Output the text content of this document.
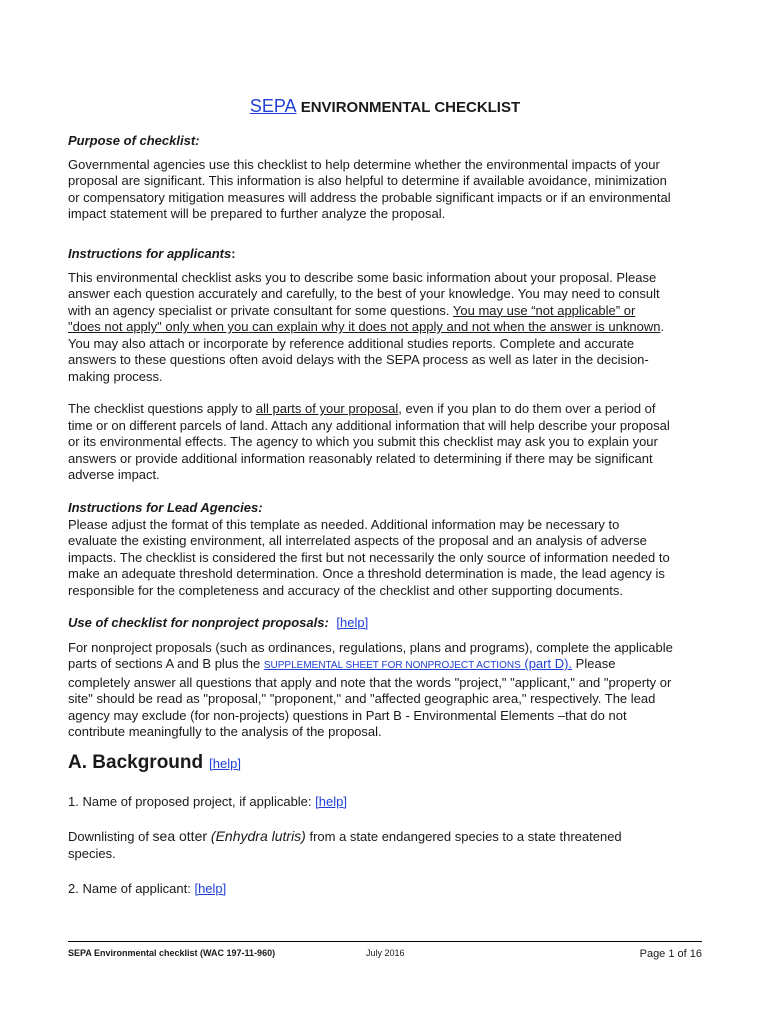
SEPA ENVIRONMENTAL CHECKLIST
Purpose of checklist:
Governmental agencies use this checklist to help determine whether the environmental impacts of your
proposal are significant. This information is also helpful to determine if available avoidance, minimization
or compensatory mitigation measures will address the probable significant impacts or if an environmental
impact statement will be prepared to further analyze the proposal.
Instructions for applicants:
This environmental checklist asks you to describe some basic information about your proposal. Please
answer each question accurately and carefully, to the best of your knowledge. You may need to consult
with an agency specialist or private consultant for some questions. You may use “not applicable” or
"does not apply" only when you can explain why it does not apply and not when the answer is unknown.
You may also attach or incorporate by reference additional studies reports. Complete and accurate
answers to these questions often avoid delays with the SEPA process as well as later in the decision-
making process.
The checklist questions apply to all parts of your proposal, even if you plan to do them over a period of
time or on different parcels of land. Attach any additional information that will help describe your proposal
or its environmental effects. The agency to which you submit this checklist may ask you to explain your
answers or provide additional information reasonably related to determining if there may be significant
adverse impact.
Instructions for Lead Agencies:
Please adjust the format of this template as needed. Additional information may be necessary to
evaluate the existing environment, all interrelated aspects of the proposal and an analysis of adverse
impacts. The checklist is considered the first but not necessarily the only source of information needed to
make an adequate threshold determination. Once a threshold determination is made, the lead agency is
responsible for the completeness and accuracy of the checklist and other supporting documents.
Use of checklist for nonproject proposals: [help]
For nonproject proposals (such as ordinances, regulations, plans and programs), complete the applicable
parts of sections A and B plus the SUPPLEMENTAL SHEET FOR NONPROJECT ACTIONS (part D). Please
completely answer all questions that apply and note that the words "project," "applicant," and "property or
site" should be read as "proposal," "proponent," and "affected geographic area," respectively. The lead
agency may exclude (for non-projects) questions in Part B - Environmental Elements –that do not
contribute meaningfully to the analysis of the proposal.
A. Background [help]
1. Name of proposed project, if applicable: [help]
Downlisting of sea otter (Enhydra lutris) from a state endangered species to a state threatened
species.
2. Name of applicant: [help]
SEPA Environmental checklist (WAC 197-11-960)	July 2016	Page 1 of 16
